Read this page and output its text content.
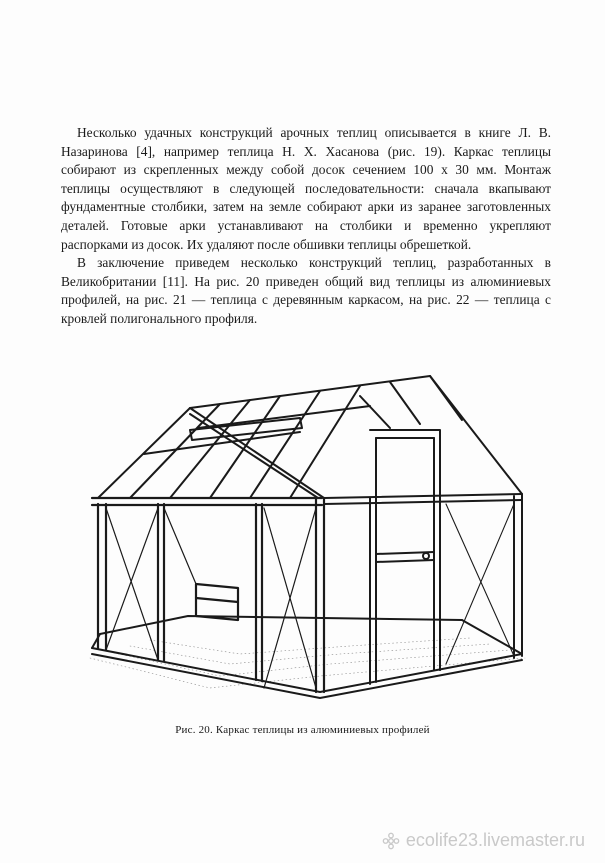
Несколько удачных конструкций арочных теплиц описывается в книге Л. В. Назаринова [4], например теплица Н. Х. Хасанова (рис. 19). Каркас теплицы собирают из скрепленных между собой досок сечением 100 х 30 мм. Монтаж теплицы осуществляют в следующей последовательности: сначала вкапывают фундаментные столбики, затем на земле собирают арки из заранее заготовленных деталей. Готовые арки устанавливают на столбики и временно укрепляют распорками из досок. Их удаляют после обшивки теплицы обрешеткой.

В заключение приведем несколько конструкций теплиц, разработанных в Великобритании [11]. На рис. 20 приведен общий вид теплицы из алюминиевых профилей, на рис. 21 — теплица с деревянным каркасом, на рис. 22 — теплица с кровлей полигонального профиля.

Рис. 20. Каркас теплицы из алюминиевых профилей
ecolife23.livemaster.ru
